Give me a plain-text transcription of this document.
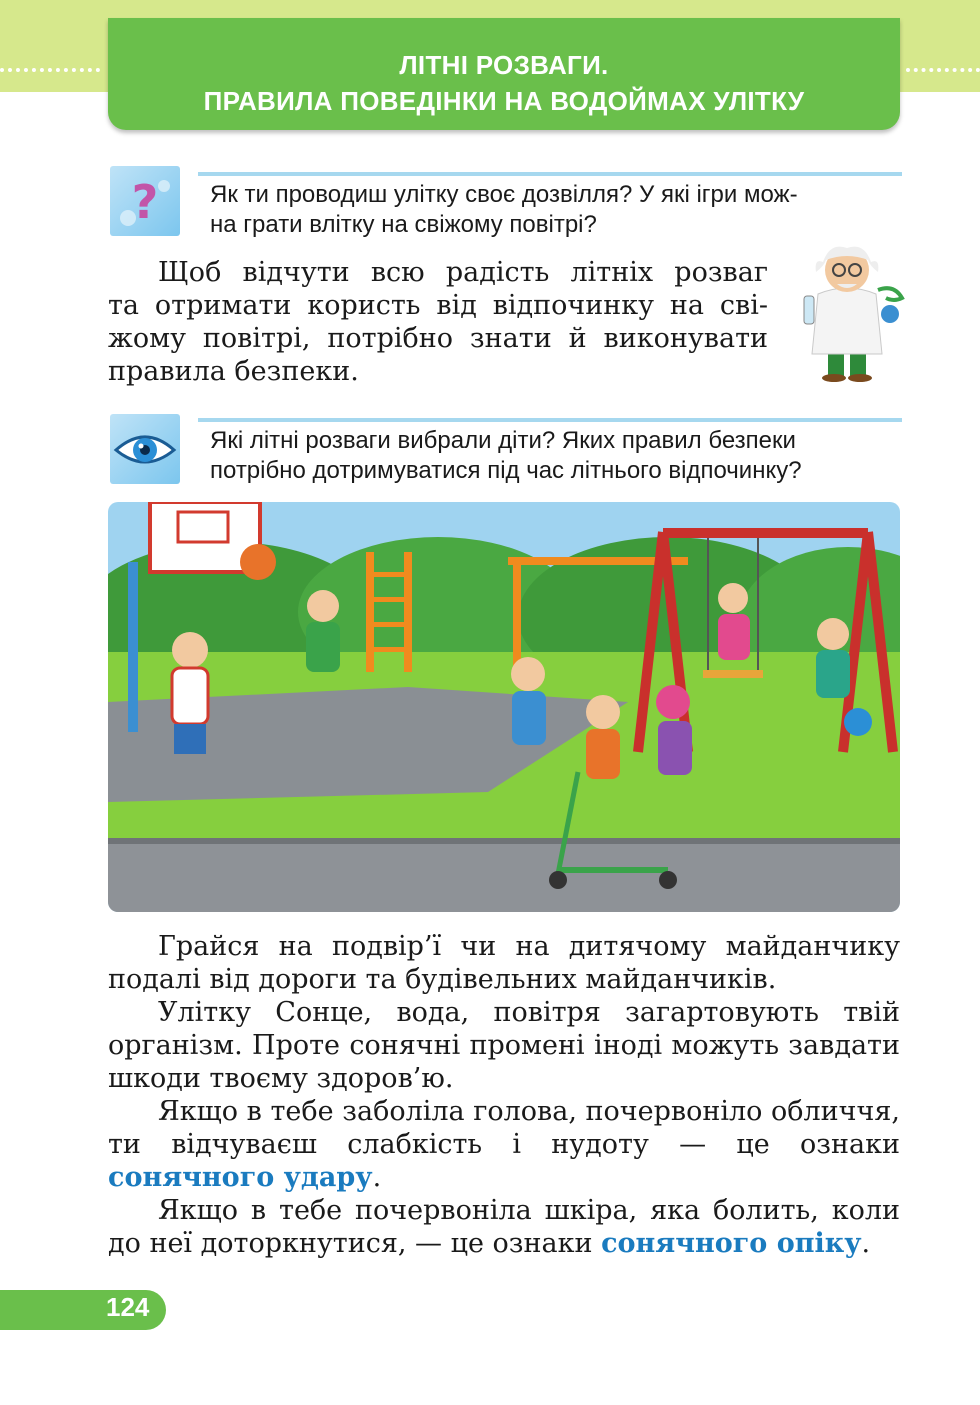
ЛІТНІ РОЗВАГИ.
ПРАВИЛА ПОВЕДІНКИ НА ВОДОЙМАХ УЛІТКУ
? Як ти проводиш улітку своє дозвілля? У які ігри мож-
на грати влітку на свіжому повітрі?
Щоб відчути всю радість літніх розваг
та отримати користь від відпочинку на сві-
жому повітрі, потрібно знати й виконувати
правила безпеки.
Які літні розваги вибрали діти? Яких правил безпеки
потрібно дотримуватися під час літнього відпочинку?

Грайся на подвір’ї чи на дитячому майданчику подалі від дороги та будівельних майданчиків.

Улітку Сонце, вода, повітря загартовують твій організм. Проте сонячні промені іноді можуть завдати шкоди твоєму здоров’ю.

Якщо в тебе заболіла голова, почервоніло обличчя, ти відчуваєш слабкість і нудоту — це ознаки сонячного удару.

Якщо в тебе почервоніла шкіра, яка болить, коли до неї доторкнутися, — це ознаки сонячного опіку.

124
